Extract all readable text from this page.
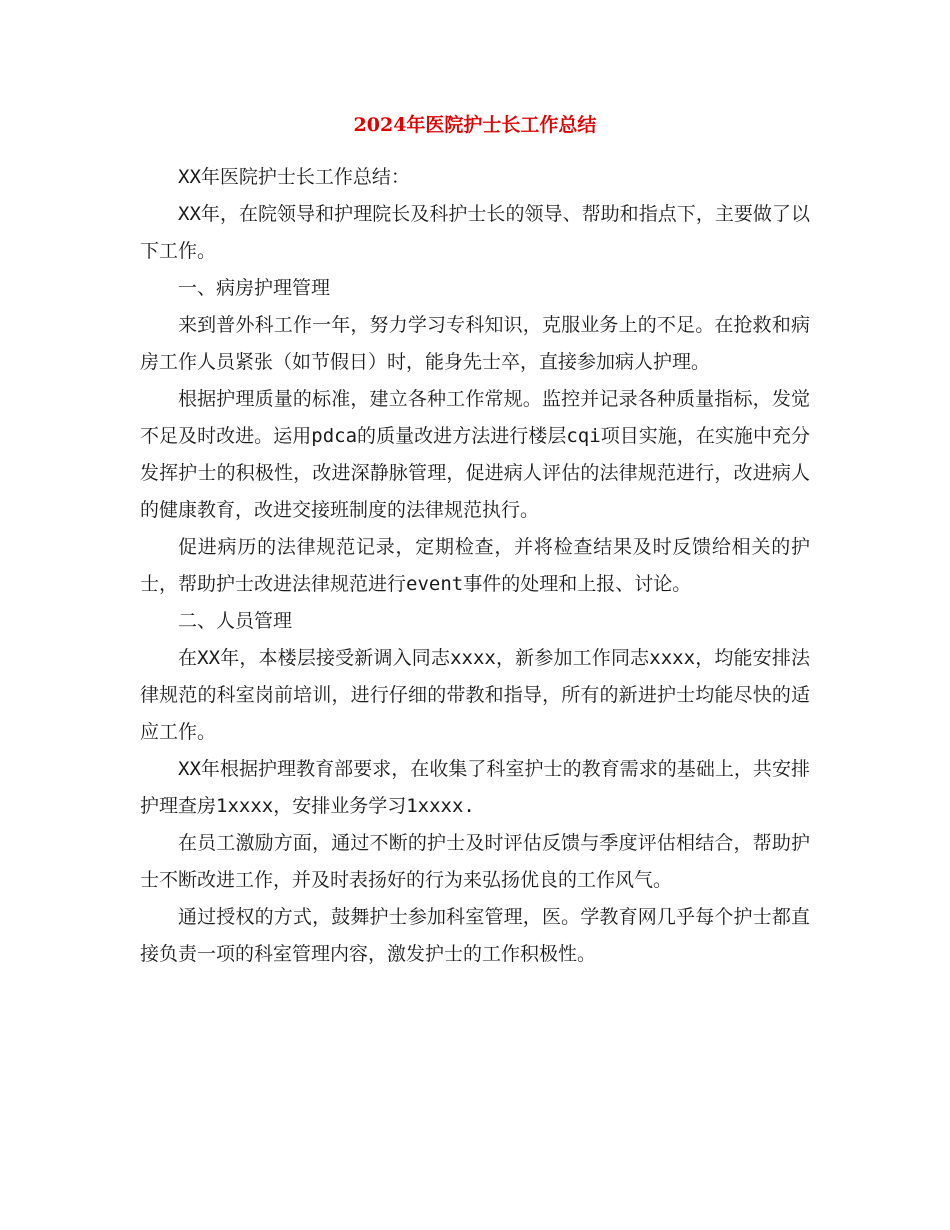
2024年医院护士长工作总结

XX年医院护士长工作总结：

XX年，在院领导和护理院长及科护士长的领导、帮助和指点下，主要做了以下工作。

一、病房护理管理

来到普外科工作一年，努力学习专科知识，克服业务上的不足。在抢救和病房工作人员紧张（如节假日）时，能身先士卒，直接参加病人护理。

根据护理质量的标准，建立各种工作常规。监控并记录各种质量指标，发觉不足及时改进。运用pdca的质量改进方法进行楼层cqi项目实施，在实施中充分发挥护士的积极性，改进深静脉管理，促进病人评估的法律规范进行，改进病人的健康教育，改进交接班制度的法律规范执行。

促进病历的法律规范记录，定期检查，并将检查结果及时反馈给相关的护士，帮助护士改进法律规范进行event事件的处理和上报、讨论。

二、人员管理

在XX年，本楼层接受新调入同志xxxx，新参加工作同志xxxx，均能安排法律规范的科室岗前培训，进行仔细的带教和指导，所有的新进护士均能尽快的适应工作。

XX年根据护理教育部要求，在收集了科室护士的教育需求的基础上，共安排护理查房1xxxx，安排业务学习1xxxx.

在员工激励方面，通过不断的护士及时评估反馈与季度评估相结合，帮助护士不断改进工作，并及时表扬好的行为来弘扬优良的工作风气。

通过授权的方式，鼓舞护士参加科室管理，医。学教育网几乎每个护士都直接负责一项的科室管理内容，激发护士的工作积极性。
